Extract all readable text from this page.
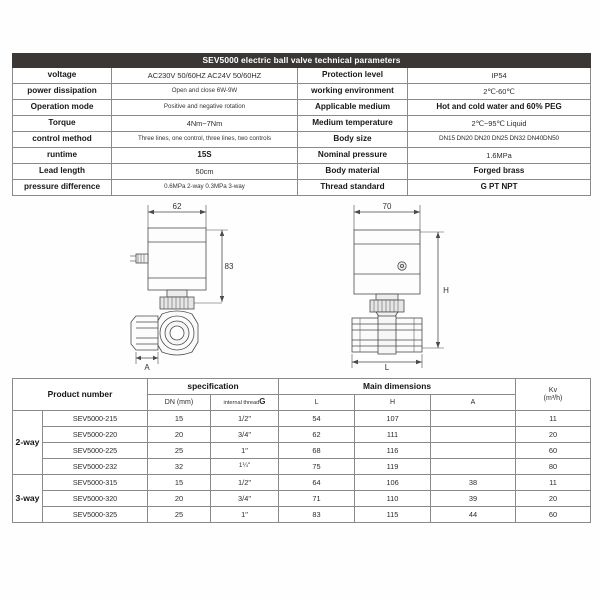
SEV5000 electric ball valve technical parameters			
voltage	AC230V 50/60HZ AC24V 50/60HZ	Protection level	IP54
power dissipation	Open and close 6W-9W	working environment	2℃-60℃
Operation mode	Positive and negative rotation	Applicable medium	Hot and cold water and 60% PEG
Torque	4Nm~7Nm	Medium temperature	2℃~95℃ Liquid
control method	Three lines, one control, three lines, two controls	Body size	DN15 DN20 DN20 DN25 DN32 DN40DN50
runtime	15S	Nominal pressure	1.6MPa
Lead length	50cm	Body material	Forged brass
pressure difference	0.6MPa 2-way 0.3MPa 3-way	Thread standard	G PT NPT
62
83
A
70
H
L
Product number		specification		Main dimensions			Kv
(m³/h)

		DN (mm)	internal threadG	L	H	A	
2-way	SEV5000-215	15	1/2"	54	107		11
	SEV5000-220	20	3/4"	62	111		20
	SEV5000-225	25	1"	68	116		60
	SEV5000-232	32	1¼"	75	119		80
3-way	SEV5000-315	15	1/2"	64	106	38	11
	SEV5000-320	20	3/4"	71	110	39	20
	SEV5000-325	25	1"	83	115	44	60
